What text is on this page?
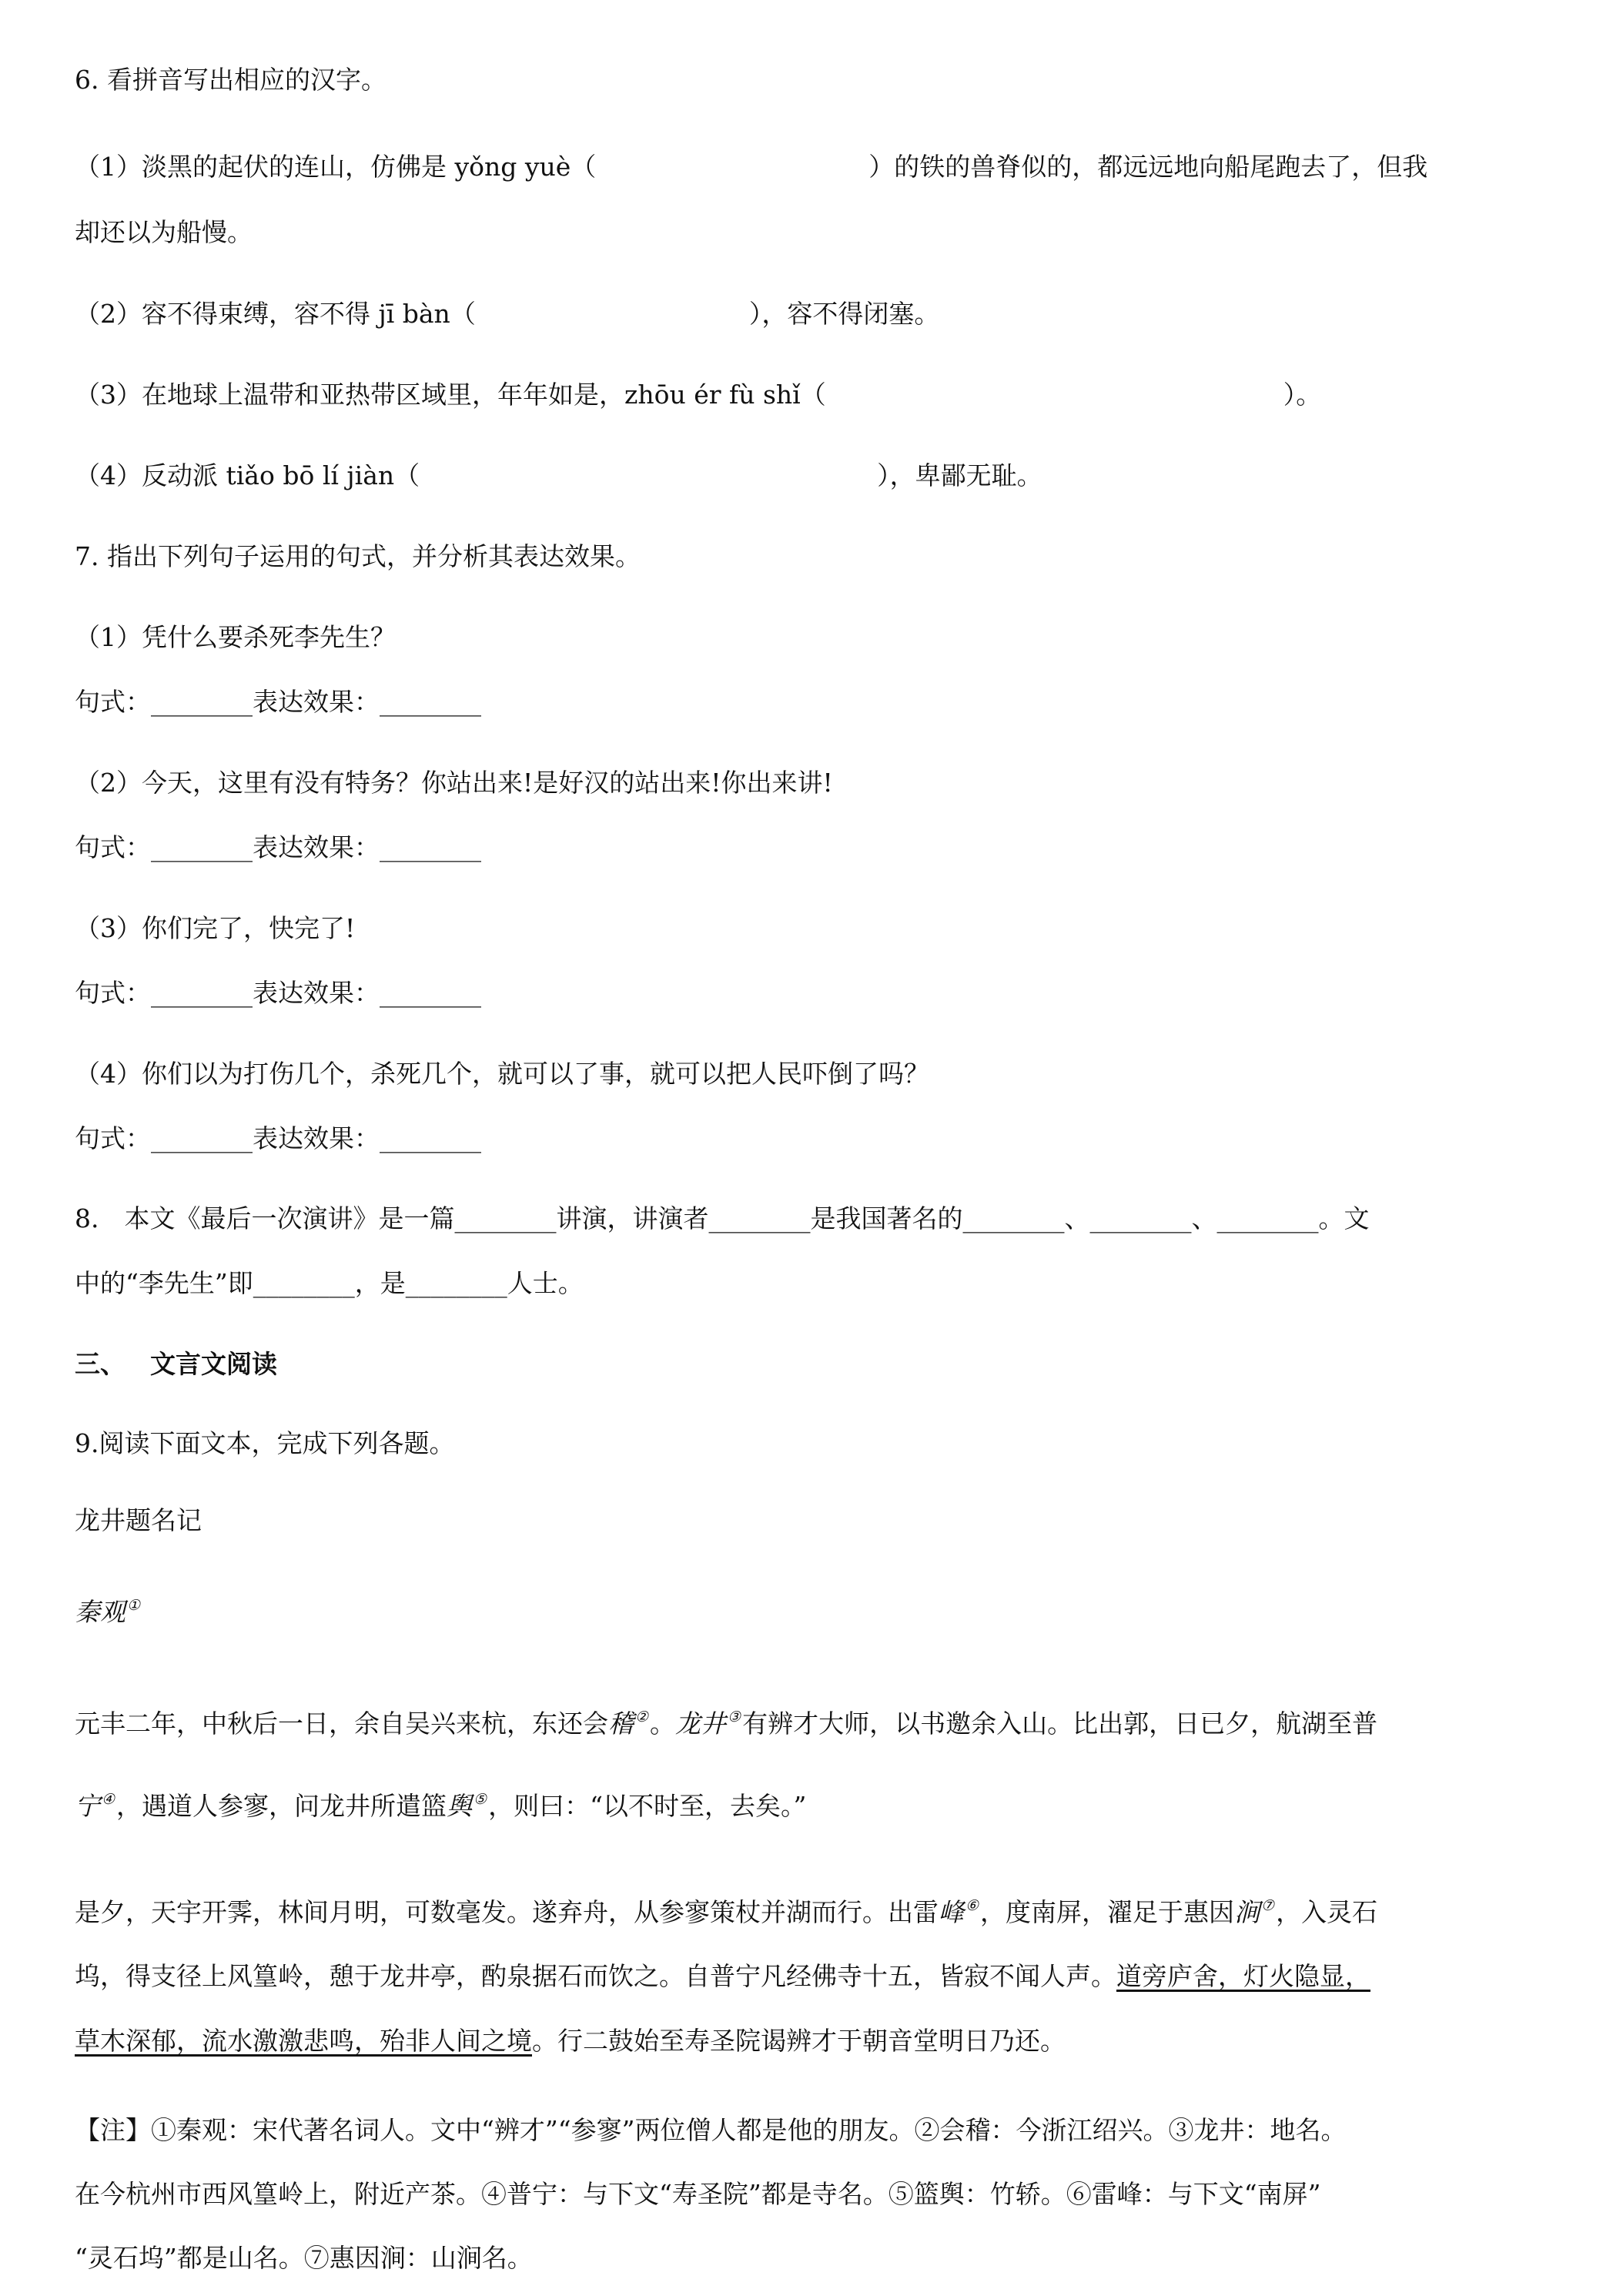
6. 看拼音写出相应的汉字。
（1）淡黑的起伏的连山，仿佛是 yǒng yuè（	）的铁的兽脊似的，都远远地向船尾跑去了，但我
却还以为船慢。
（2）容不得束缚，容不得 jī bàn（	），容不得闭塞。
（3）在地球上温带和亚热带区域里，年年如是，zhōu ér fù shǐ（	）。
（4）反动派 tiǎo bō lí jiàn（	），卑鄙无耻。
7. 指出下列句子运用的句式，并分析其表达效果。
（1）凭什么要杀死李先生？
句式：________表达效果：________
（2）今天，这里有没有特务？你站出来!是好汉的站出来!你出来讲!
句式：________表达效果：________
（3）你们完了，快完了!
句式：________表达效果：________
（4）你们以为打伤几个，杀死几个，就可以了事，就可以把人民吓倒了吗？
句式：________表达效果：________
8.　本文《最后一次演讲》是一篇________讲演，讲演者________是我国著名的________、________、________。文
中的“李先生”即________，是________人士。
三、 文言文阅读
9.阅读下面文本，完成下列各题。
龙井题名记
秦观 ①
元丰二年，中秋后一日，余自吴兴来杭，东还会稽 ②。龙井 ③有辨才大师，以书邀余入山。比出郭，日已夕，航湖至普
宁 ④，遇道人参寥，问龙井所遣篮舆 ⑤，则曰：“以不时至，去矣。”
是夕，天宇开霁，林间月明，可数毫发。遂弃舟，从参寥策杖并湖而行。出雷峰 ⑥，度南屏，濯足于惠因涧 ⑦，入灵石
坞，得支径上风篁岭，憩于龙井亭，酌泉据石而饮之。自普宁凡经佛寺十五，皆寂不闻人声。道旁庐舍，灯火隐显，
草木深郁，流水激激悲鸣，殆非人间之境。行二鼓始至寿圣院谒辨才于朝音堂明日乃还。
【注】①秦观：宋代著名词人。文中“辨才”“参寥”两位僧人都是他的朋友。②会稽：今浙江绍兴。③龙井：地名。
在今杭州市西风篁岭上，附近产茶。④普宁：与下文“寿圣院”都是寺名。⑤篮舆：竹轿。⑥雷峰：与下文“南屏”
“灵石坞”都是山名。⑦惠因涧：山涧名。
